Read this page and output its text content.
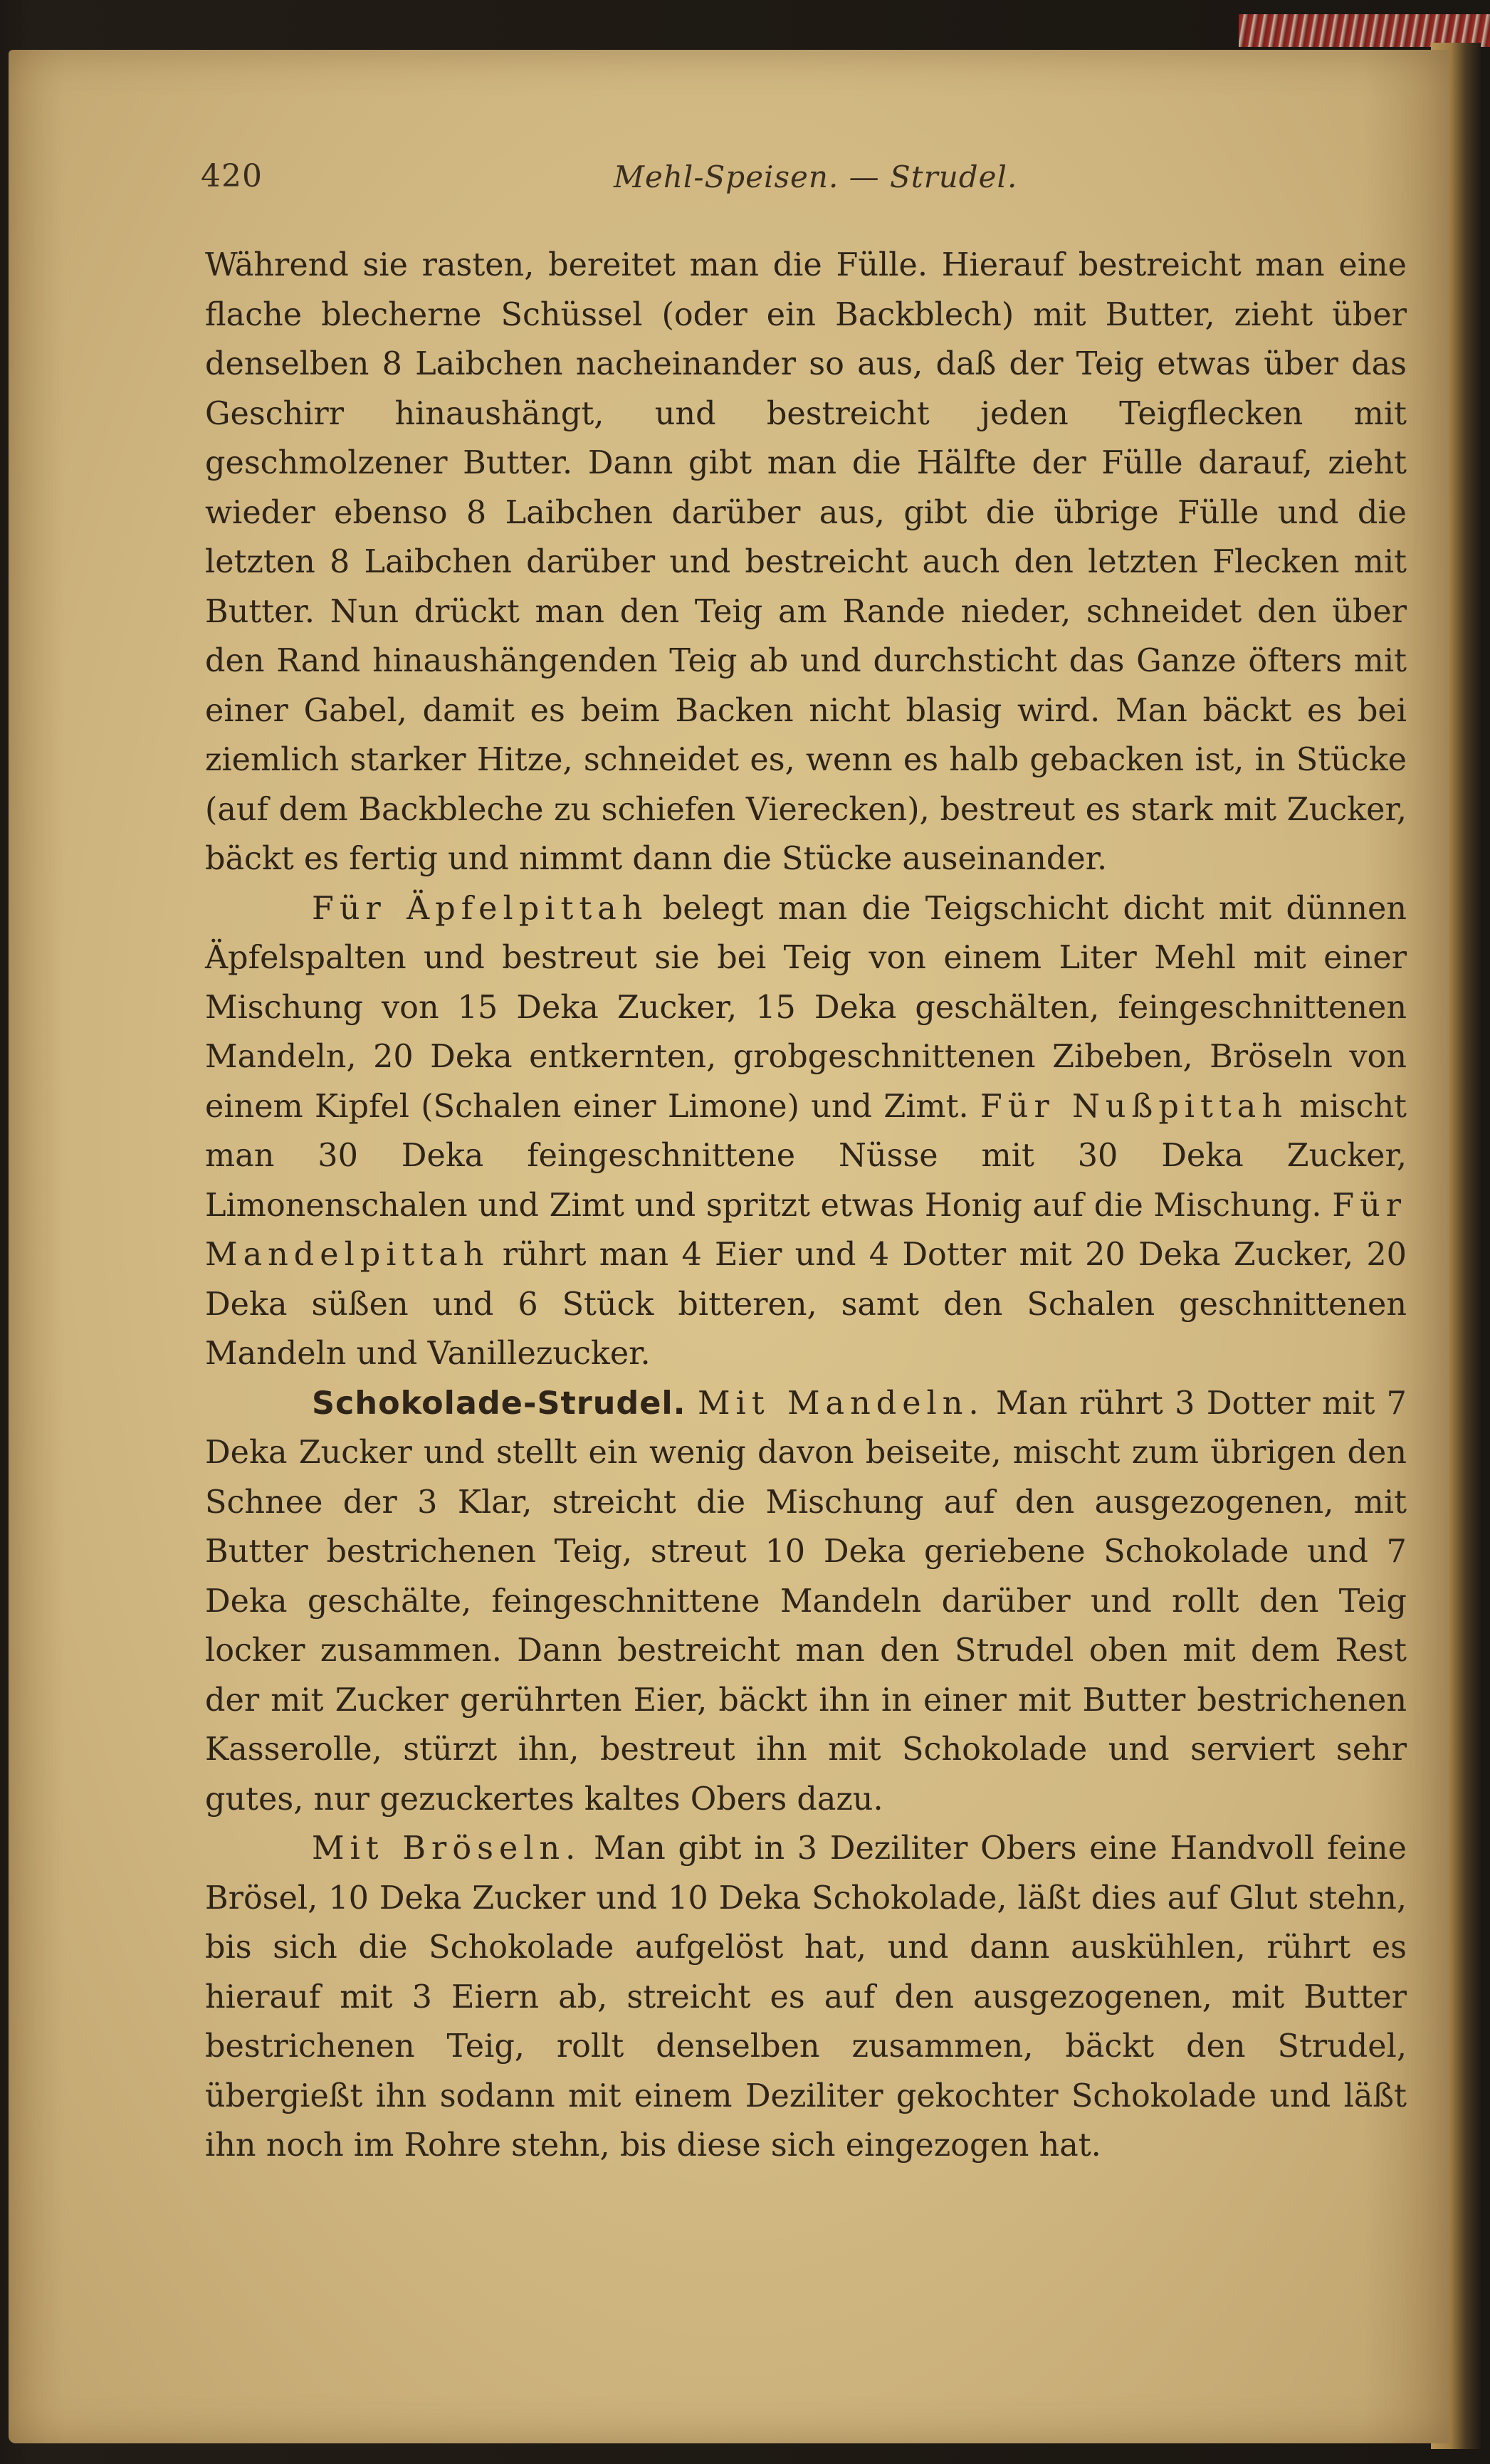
420	Mehl-Speisen. — Strudel.

Während sie rasten, bereitet man die Fülle. Hierauf bestreicht man eine flache blecherne Schüssel (oder ein Backblech) mit Butter, zieht über denselben 8 Laibchen nacheinander so aus, daß der Teig etwas über das Geschirr hinaushängt, und bestreicht jeden Teigflecken mit geschmolzener Butter. Dann gibt man die Hälfte der Fülle darauf, zieht wieder ebenso 8 Laibchen darüber aus, gibt die übrige Fülle und die letzten 8 Laibchen darüber und bestreicht auch den letzten Flecken mit Butter. Nun drückt man den Teig am Rande nieder, schneidet den über den Rand hinaushängenden Teig ab und durchsticht das Ganze öfters mit einer Gabel, damit es beim Backen nicht blasig wird. Man bäckt es bei ziemlich starker Hitze, schneidet es, wenn es halb gebacken ist, in Stücke (auf dem Backbleche zu schiefen Vierecken), bestreut es stark mit Zucker, bäckt es fertig und nimmt dann die Stücke auseinander.

Für Äpfelpittah belegt man die Teigschicht dicht mit dünnen Äpfelspalten und bestreut sie bei Teig von einem Liter Mehl mit einer Mischung von 15 Deka Zucker, 15 Deka geschälten, feingeschnittenen Mandeln, 20 Deka entkernten, grobgeschnittenen Zibeben, Bröseln von einem Kipfel (Schalen einer Limone) und Zimt. Für Nußpittah mischt man 30 Deka feingeschnittene Nüsse mit 30 Deka Zucker, Limonenschalen und Zimt und spritzt etwas Honig auf die Mischung. Für Mandelpittah rührt man 4 Eier und 4 Dotter mit 20 Deka Zucker, 20 Deka süßen und 6 Stück bitteren, samt den Schalen geschnittenen Mandeln und Vanillezucker.

Schokolade-Strudel. Mit Mandeln. Man rührt 3 Dotter mit 7 Deka Zucker und stellt ein wenig davon beiseite, mischt zum übrigen den Schnee der 3 Klar, streicht die Mischung auf den ausgezogenen, mit Butter bestrichenen Teig, streut 10 Deka geriebene Schokolade und 7 Deka geschälte, feingeschnittene Mandeln darüber und rollt den Teig locker zusammen. Dann bestreicht man den Strudel oben mit dem Rest der mit Zucker gerührten Eier, bäckt ihn in einer mit Butter bestrichenen Kasserolle, stürzt ihn, bestreut ihn mit Schokolade und serviert sehr gutes, nur gezuckertes kaltes Obers dazu.

Mit Bröseln. Man gibt in 3 Deziliter Obers eine Handvoll feine Brösel, 10 Deka Zucker und 10 Deka Schokolade, läßt dies auf Glut stehn, bis sich die Schokolade aufgelöst hat, und dann auskühlen, rührt es hierauf mit 3 Eiern ab, streicht es auf den ausgezogenen, mit Butter bestrichenen Teig, rollt denselben zusammen, bäckt den Strudel, übergießt ihn sodann mit einem Deziliter gekochter Schokolade und läßt ihn noch im Rohre stehn, bis diese sich eingezogen hat.
